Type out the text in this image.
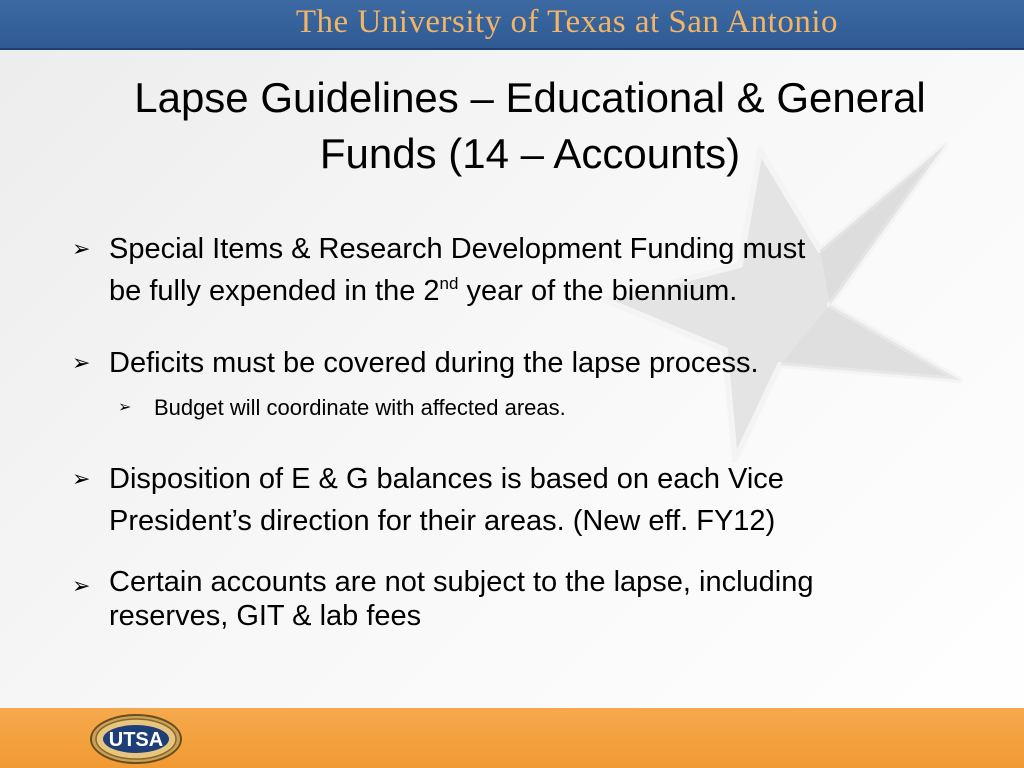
The University of Texas at San Antonio
Lapse Guidelines – Educational & General
Funds (14 – Accounts)
➢ Special Items & Research Development Funding must
be fully expended in the 2nd year of the biennium.
➢ Deficits must be covered during the lapse process.
➢	Budget will coordinate with affected areas.
➢ Disposition of E & G balances is based on each Vice
President’s direction for their areas. (New eff. FY12)
➢ Certain accounts are not subject to the lapse, including
reserves, GIT & lab fees
UTSA
